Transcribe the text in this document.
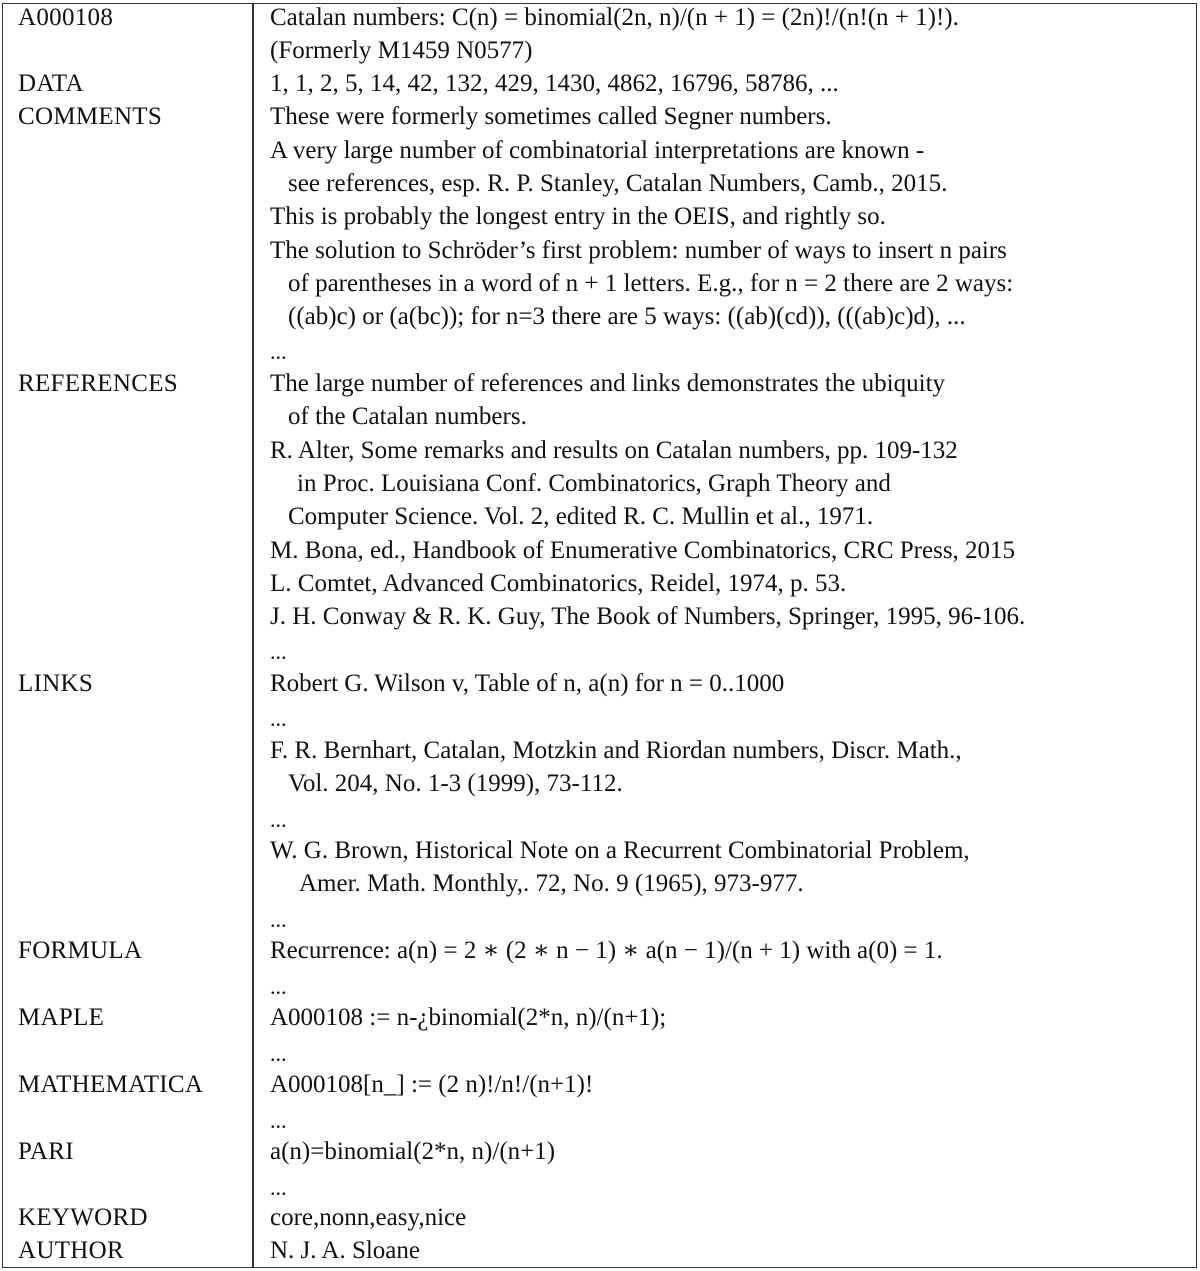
A000108	Catalan numbers: C(n) = binomial(2n, n)/(n + 1) = (2n)!/(n!(n + 1)!).
(Formerly M1459 N0577)
DATA	1, 1, 2, 5, 14, 42, 132, 429, 1430, 4862, 16796, 58786, ...
COMMENTS	These were formerly sometimes called Segner numbers.
A very large number of combinatorial interpretations are known -
see references, esp. R. P. Stanley, Catalan Numbers, Camb., 2015.
This is probably the longest entry in the OEIS, and rightly so.
The solution to Schröder’s first problem: number of ways to insert n pairs
of parentheses in a word of n + 1 letters. E.g., for n = 2 there are 2 ways:
((ab)c) or (a(bc)); for n=3 there are 5 ways: ((ab)(cd)), (((ab)c)d), ...
...
REFERENCES	The large number of references and links demonstrates the ubiquity
of the Catalan numbers.
R. Alter, Some remarks and results on Catalan numbers, pp. 109-132
in Proc. Louisiana Conf. Combinatorics, Graph Theory and
Computer Science. Vol. 2, edited R. C. Mullin et al., 1971.
M. Bona, ed., Handbook of Enumerative Combinatorics, CRC Press, 2015
L. Comtet, Advanced Combinatorics, Reidel, 1974, p. 53.
J. H. Conway & R. K. Guy, The Book of Numbers, Springer, 1995, 96-106.
...
LINKS	Robert G. Wilson v, Table of n, a(n) for n = 0..1000
...
F. R. Bernhart, Catalan, Motzkin and Riordan numbers, Discr. Math.,
Vol. 204, No. 1-3 (1999), 73-112.
...
W. G. Brown, Historical Note on a Recurrent Combinatorial Problem,
Amer. Math. Monthly,. 72, No. 9 (1965), 973-977.
...
FORMULA	Recurrence: a(n) = 2 ∗ (2 ∗ n − 1) ∗ a(n − 1)/(n + 1) with a(0) = 1.
...
MAPLE	A000108 := n-¿binomial(2*n, n)/(n+1);
...
MATHEMATICA	A000108[n_] := (2 n)!/n!/(n+1)!
...
PARI	a(n)=binomial(2*n, n)/(n+1)
...
KEYWORD	core,nonn,easy,nice
AUTHOR	N. J. A. Sloane
